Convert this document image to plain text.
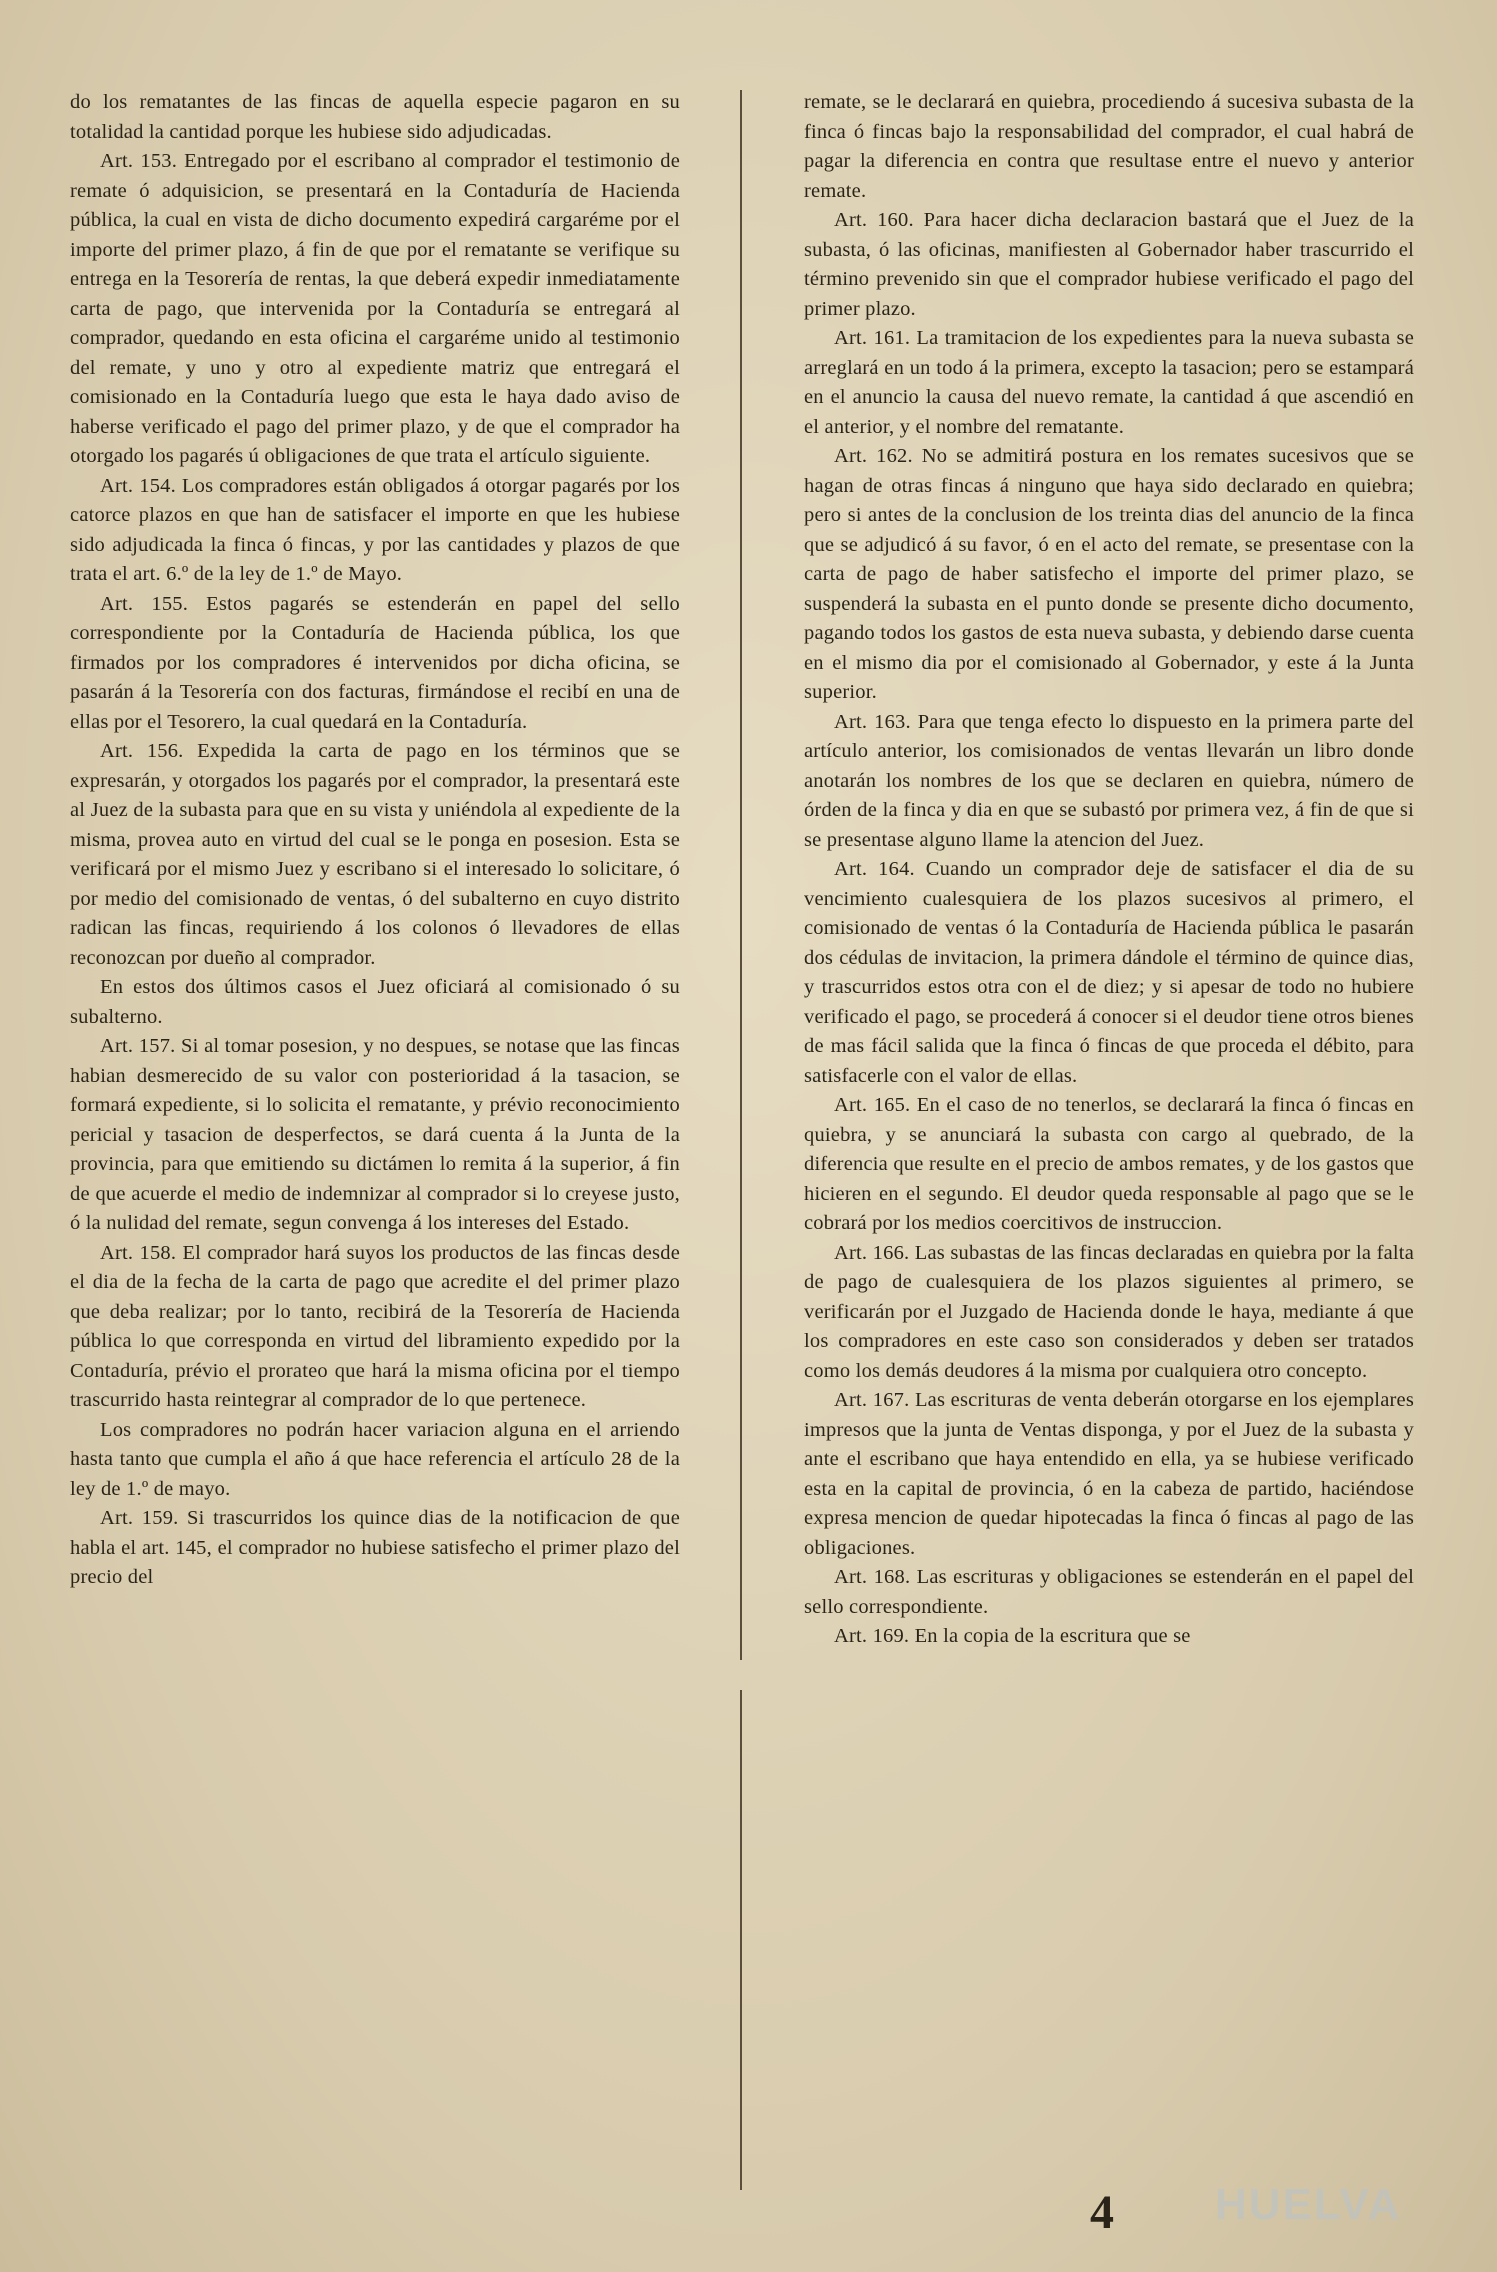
do los rematantes de las fincas de aquella especie pagaron en su totalidad la cantidad porque les hubiese sido adjudicadas.

Art. 153. Entregado por el escribano al comprador el testimonio de remate ó adquisicion, se presentará en la Contaduría de Hacienda pública, la cual en vista de dicho documento expedirá cargaréme por el importe del primer plazo, á fin de que por el rematante se verifique su entrega en la Tesorería de rentas, la que deberá expedir inmediatamente carta de pago, que intervenida por la Contaduría se entregará al comprador, quedando en esta oficina el cargaréme unido al testimonio del remate, y uno y otro al expediente matriz que entregará el comisionado en la Contaduría luego que esta le haya dado aviso de haberse verificado el pago del primer plazo, y de que el comprador ha otorgado los pagarés ú obligaciones de que trata el artículo siguiente.

Art. 154. Los compradores están obligados á otorgar pagarés por los catorce plazos en que han de satisfacer el importe en que les hubiese sido adjudicada la finca ó fincas, y por las cantidades y plazos de que trata el art. 6.º de la ley de 1.º de Mayo.

Art. 155. Estos pagarés se estenderán en papel del sello correspondiente por la Contaduría de Hacienda pública, los que firmados por los compradores é intervenidos por dicha oficina, se pasarán á la Tesorería con dos facturas, firmándose el recibí en una de ellas por el Tesorero, la cual quedará en la Contaduría.

Art. 156. Expedida la carta de pago en los términos que se expresarán, y otorgados los pagarés por el comprador, la presentará este al Juez de la subasta para que en su vista y uniéndola al expediente de la misma, provea auto en virtud del cual se le ponga en posesion. Esta se verificará por el mismo Juez y escribano si el interesado lo solicitare, ó por medio del comisionado de ventas, ó del subalterno en cuyo distrito radican las fincas, requiriendo á los colonos ó llevadores de ellas reconozcan por dueño al comprador.

En estos dos últimos casos el Juez oficiará al comisionado ó su subalterno.

Art. 157. Si al tomar posesion, y no despues, se notase que las fincas habian desmerecido de su valor con posterioridad á la tasacion, se formará expediente, si lo solicita el rematante, y prévio reconocimiento pericial y tasacion de desperfectos, se dará cuenta á la Junta de la provincia, para que emitiendo su dictámen lo remita á la superior, á fin de que acuerde el medio de indemnizar al comprador si lo creyese justo, ó la nulidad del remate, segun convenga á los intereses del Estado.

Art. 158. El comprador hará suyos los productos de las fincas desde el dia de la fecha de la carta de pago que acredite el del primer plazo que deba realizar; por lo tanto, recibirá de la Tesorería de Hacienda pública lo que corresponda en virtud del libramiento expedido por la Contaduría, prévio el prorateo que hará la misma oficina por el tiempo trascurrido hasta reintegrar al comprador de lo que pertenece.

Los compradores no podrán hacer variacion alguna en el arriendo hasta tanto que cumpla el año á que hace referencia el artículo 28 de la ley de 1.º de mayo.

Art. 159. Si trascurridos los quince dias de la notificacion de que habla el art. 145, el comprador no hubiese satisfecho el primer plazo del precio del

remate, se le declarará en quiebra, procediendo á sucesiva subasta de la finca ó fincas bajo la responsabilidad del comprador, el cual habrá de pagar la diferencia en contra que resultase entre el nuevo y anterior remate.

Art. 160. Para hacer dicha declaracion bastará que el Juez de la subasta, ó las oficinas, manifiesten al Gobernador haber trascurrido el término prevenido sin que el comprador hubiese verificado el pago del primer plazo.

Art. 161. La tramitacion de los expedientes para la nueva subasta se arreglará en un todo á la primera, excepto la tasacion; pero se estampará en el anuncio la causa del nuevo remate, la cantidad á que ascendió en el anterior, y el nombre del rematante.

Art. 162. No se admitirá postura en los remates sucesivos que se hagan de otras fincas á ninguno que haya sido declarado en quiebra; pero si antes de la conclusion de los treinta dias del anuncio de la finca que se adjudicó á su favor, ó en el acto del remate, se presentase con la carta de pago de haber satisfecho el importe del primer plazo, se suspenderá la subasta en el punto donde se presente dicho documento, pagando todos los gastos de esta nueva subasta, y debiendo darse cuenta en el mismo dia por el comisionado al Gobernador, y este á la Junta superior.

Art. 163. Para que tenga efecto lo dispuesto en la primera parte del artículo anterior, los comisionados de ventas llevarán un libro donde anotarán los nombres de los que se declaren en quiebra, número de órden de la finca y dia en que se subastó por primera vez, á fin de que si se presentase alguno llame la atencion del Juez.

Art. 164. Cuando un comprador deje de satisfacer el dia de su vencimiento cualesquiera de los plazos sucesivos al primero, el comisionado de ventas ó la Contaduría de Hacienda pública le pasarán dos cédulas de invitacion, la primera dándole el término de quince dias, y trascurridos estos otra con el de diez; y si apesar de todo no hubiere verificado el pago, se procederá á conocer si el deudor tiene otros bienes de mas fácil salida que la finca ó fincas de que proceda el débito, para satisfacerle con el valor de ellas.

Art. 165. En el caso de no tenerlos, se declarará la finca ó fincas en quiebra, y se anunciará la subasta con cargo al quebrado, de la diferencia que resulte en el precio de ambos remates, y de los gastos que hicieren en el segundo. El deudor queda responsable al pago que se le cobrará por los medios coercitivos de instruccion.

Art. 166. Las subastas de las fincas declaradas en quiebra por la falta de pago de cualesquiera de los plazos siguientes al primero, se verificarán por el Juzgado de Hacienda donde le haya, mediante á que los compradores en este caso son considerados y deben ser tratados como los demás deudores á la misma por cualquiera otro concepto.

Art. 167. Las escrituras de venta deberán otorgarse en los ejemplares impresos que la junta de Ventas disponga, y por el Juez de la subasta y ante el escribano que haya entendido en ella, ya se hubiese verificado esta en la capital de provincia, ó en la cabeza de partido, haciéndose expresa mencion de quedar hipotecadas la finca ó fincas al pago de las obligaciones.

Art. 168. Las escrituras y obligaciones se estenderán en el papel del sello correspondiente.

Art. 169. En la copia de la escritura que se

4 HUELVA
